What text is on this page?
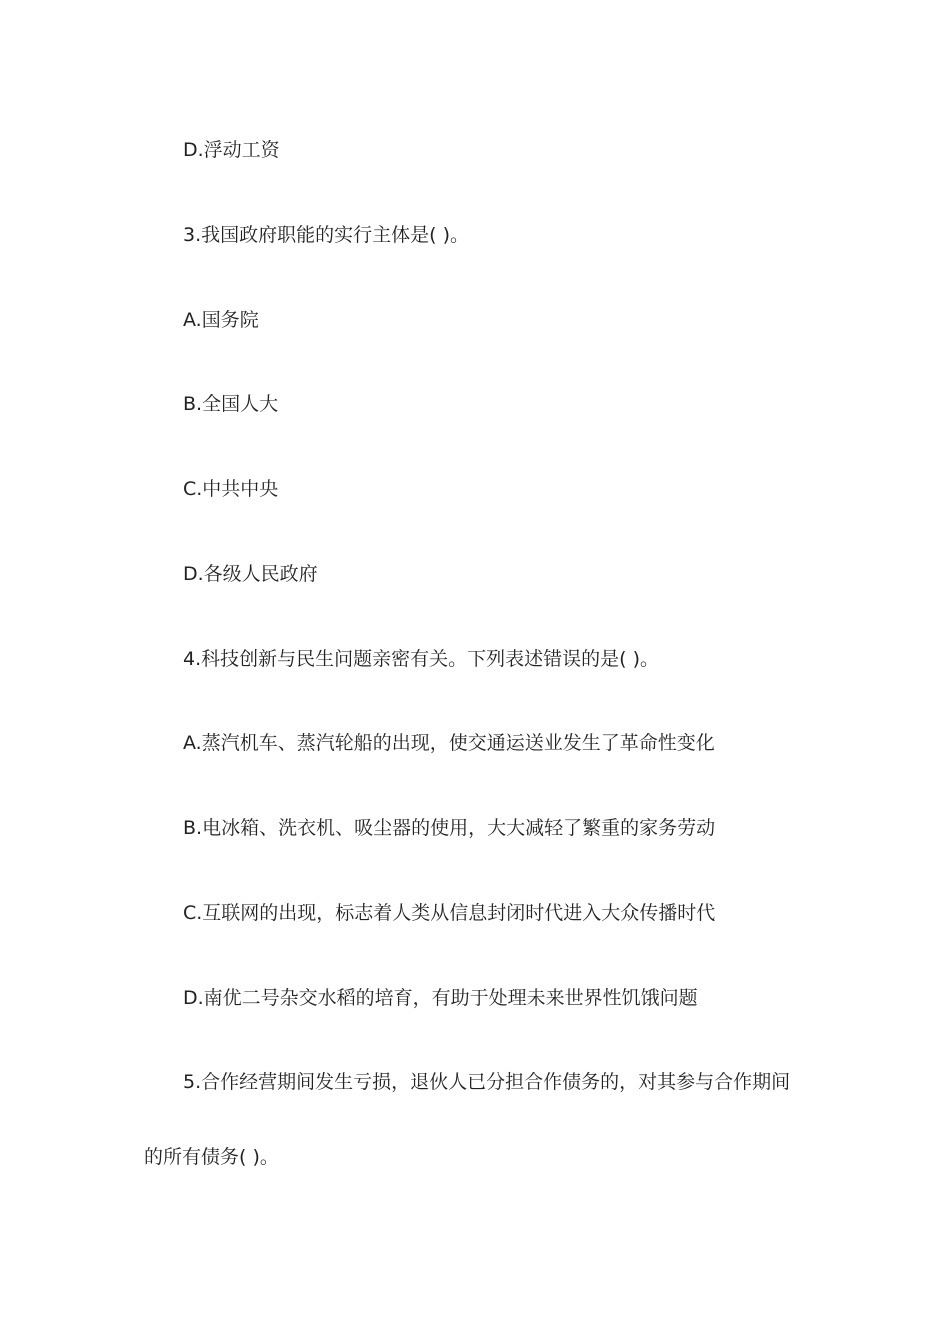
D.浮动工资
3.我国政府职能的实行主体是( )。
A.国务院
B.全国人大
C.中共中央
D.各级人民政府
4.科技创新与民生问题亲密有关。下列表述错误的是( )。
A.蒸汽机车、蒸汽轮船的出现，使交通运送业发生了革命性变化
B.电冰箱、洗衣机、吸尘器的使用，大大减轻了繁重的家务劳动
C.互联网的出现，标志着人类从信息封闭时代进入大众传播时代
D.南优二号杂交水稻的培育，有助于处理未来世界性饥饿问题
5.合作经营期间发生亏损，退伙人已分担合作债务的，对其参与合作期间
的所有债务( )。
